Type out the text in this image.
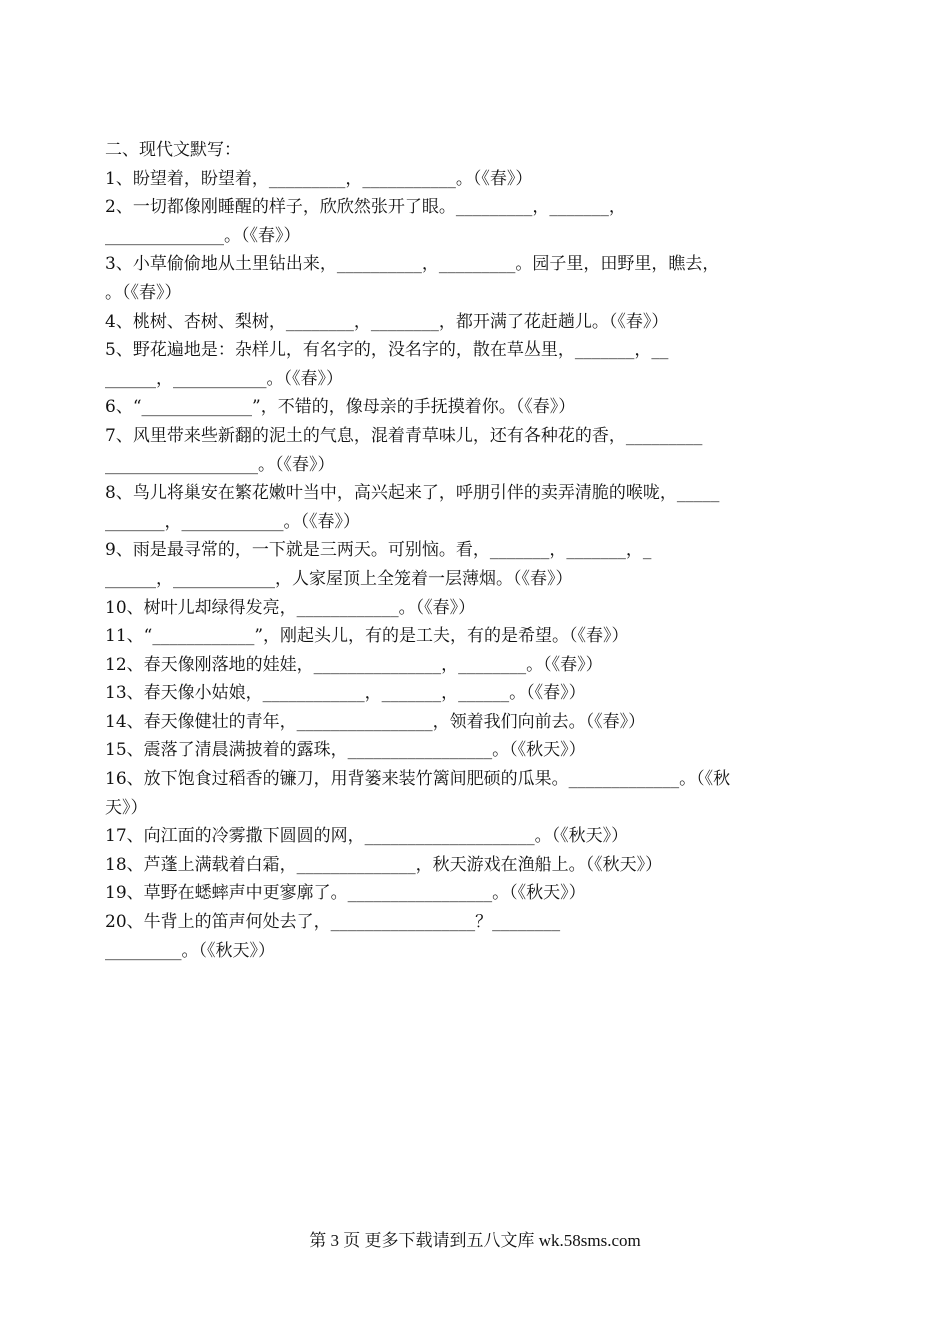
二、现代文默写：

1、盼望着，盼望着，_________，___________。（《春》）

2、一切都像刚睡醒的样子，欣欣然张开了眼。_________，_______，

______________。（《春》）

3、小草偷偷地从土里钻出来，__________，_________。园子里，田野里，瞧去，

。（《春》）

4、桃树、杏树、梨树，________，________，都开满了花赶趟儿。（《春》）

5、野花遍地是：杂样儿，有名字的，没名字的，散在草丛里，_______，__

______，___________。（《春》）

6、“_____________”，不错的，像母亲的手抚摸着你。（《春》）

7、风里带来些新翻的泥土的气息，混着青草味儿，还有各种花的香，_________

__________________。（《春》）

8、鸟儿将巢安在繁花嫩叶当中，高兴起来了，呼朋引伴的卖弄清脆的喉咙，_____

_______，____________。（《春》）

9、雨是最寻常的，一下就是三两天。可别恼。看，_______，_______，_

______，____________，人家屋顶上全笼着一层薄烟。（《春》）

10、树叶儿却绿得发亮，____________。（《春》）

11、“____________”，刚起头儿，有的是工夫，有的是希望。（《春》）

12、春天像刚落地的娃娃，_______________，________。（《春》）

13、春天像小姑娘，____________，_______，______。（《春》）

14、春天像健壮的青年，________________，领着我们向前去。（《春》）

15、震落了清晨满披着的露珠，_________________。（《秋天》）

16、放下饱食过稻香的镰刀，用背篓来装竹篱间肥硕的瓜果。_____________。（《秋

天》）

17、向江面的冷雾撒下圆圆的网，____________________。（《秋天》）

18、芦蓬上满载着白霜，______________，秋天游戏在渔船上。（《秋天》）

19、草野在蟋蟀声中更寥廓了。_________________。（《秋天》）

20、牛背上的笛声何处去了，_________________？________

_________。（《秋天》）

第 3 页 更多下载请到五八文库 wk.58sms.com
